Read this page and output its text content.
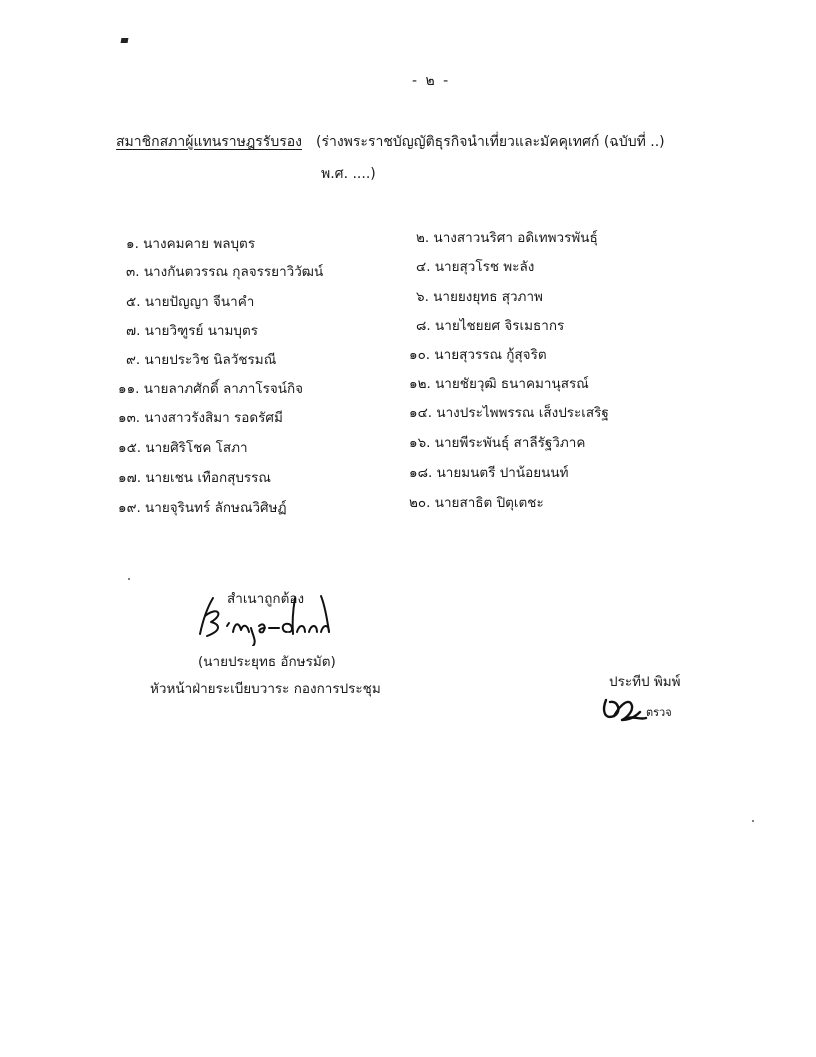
- ๒ -
สมาชิกสภาผู้แทนราษฎรรับรอง (ร่างพระราชบัญญัติธุรกิจนำเที่ยวและมัคคุเทศก์ (ฉบับที่ ..)
พ.ศ. ....)
๑. นางคมคาย พลบุตร	๒. นางสาวนริศา อดิเทพวรพันธุ์
๓. นางกันตวรรณ กุลจรรยาวิวัฒน์	๔. นายสุวโรช พะลัง
๕. นายปัญญา จีนาคำ	๖. นายยงยุทธ สุวภาพ
๗. นายวิฑูรย์ นามบุตร	๘. นายไชยยศ จิรเมธากร
๙. นายประวิช นิลวัชรมณี	๑๐. นายสุวรรณ กู้สุจริต
๑๑. นายลาภศักดิ์ ลาภาโรจน์กิจ	๑๒. นายชัยวุฒิ ธนาคมานุสรณ์
๑๓. นางสาวรังสิมา รอดรัศมี	๑๔. นางประไพพรรณ เส็งประเสริฐ
๑๕. นายศิริโชค โสภา	๑๖. นายพีระพันธุ์ สาลีรัฐวิภาค
๑๗. นายเชน เทือกสุบรรณ	๑๘. นายมนตรี ปาน้อยนนท์
๑๙. นายจุรินทร์ ลักษณวิศิษฏ์	๒๐. นายสาธิต ปิตุเตชะ
สำเนาถูกต้อง
(นายประยุทธ อักษรมัต)
หัวหน้าฝ่ายระเบียบวาระ กองการประชุม	ประทีป พิมพ์
ตรวจ
